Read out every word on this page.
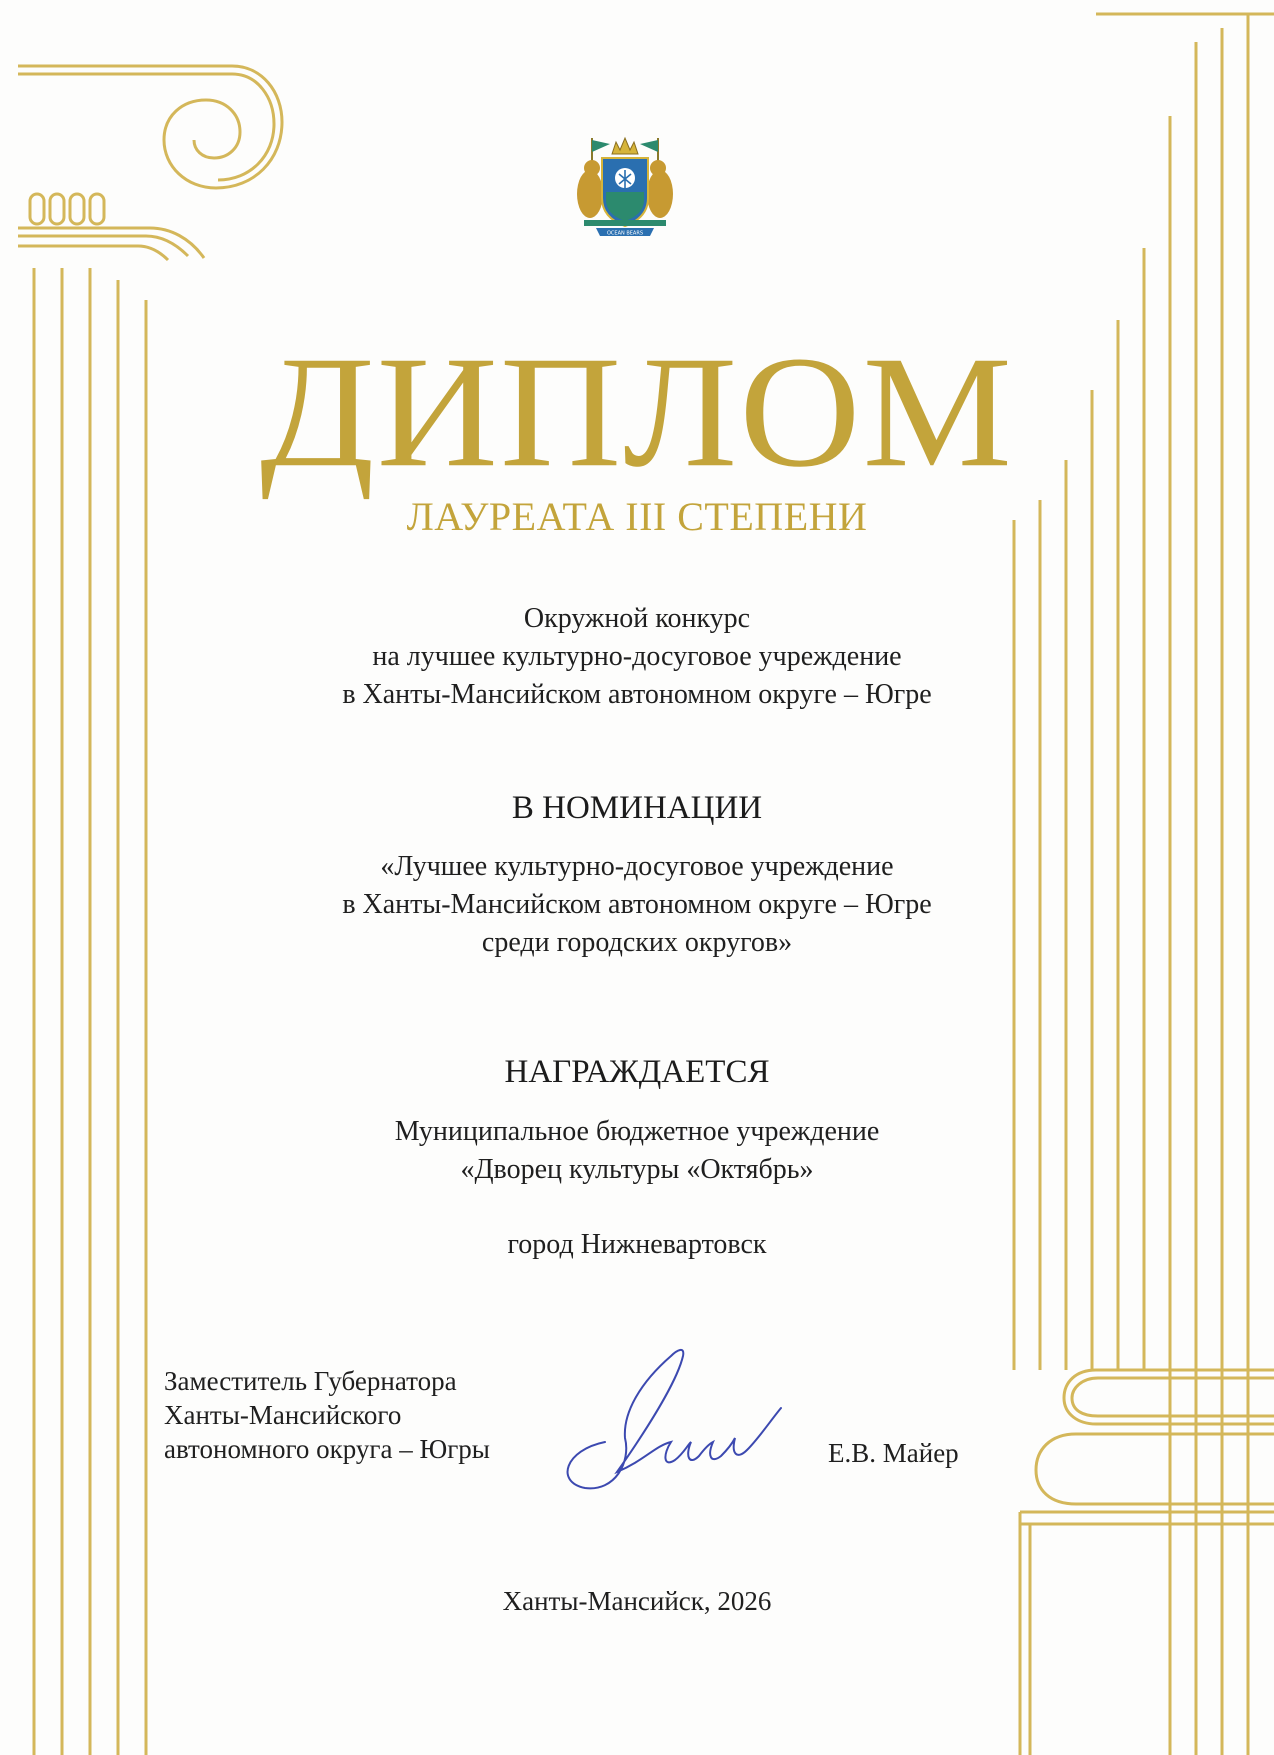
OCEAN BEARS
ДИПЛОМ
ЛАУРЕАТА III СТЕПЕНИ
Окружной конкурс
на лучшее культурно-досуговое учреждение
в Ханты-Мансийском автономном округе – Югре
В НОМИНАЦИИ
«Лучшее культурно-досуговое учреждение
в Ханты-Мансийском автономном округе – Югре
среди городских округов»
НАГРАЖДАЕТСЯ
Муниципальное бюджетное учреждение
«Дворец культуры «Октябрь»
город Нижневартовск
Заместитель Губернатора
Ханты-Мансийского
автономного округа – Югры	Е.В. Майер
Ханты-Мансийск, 2026
